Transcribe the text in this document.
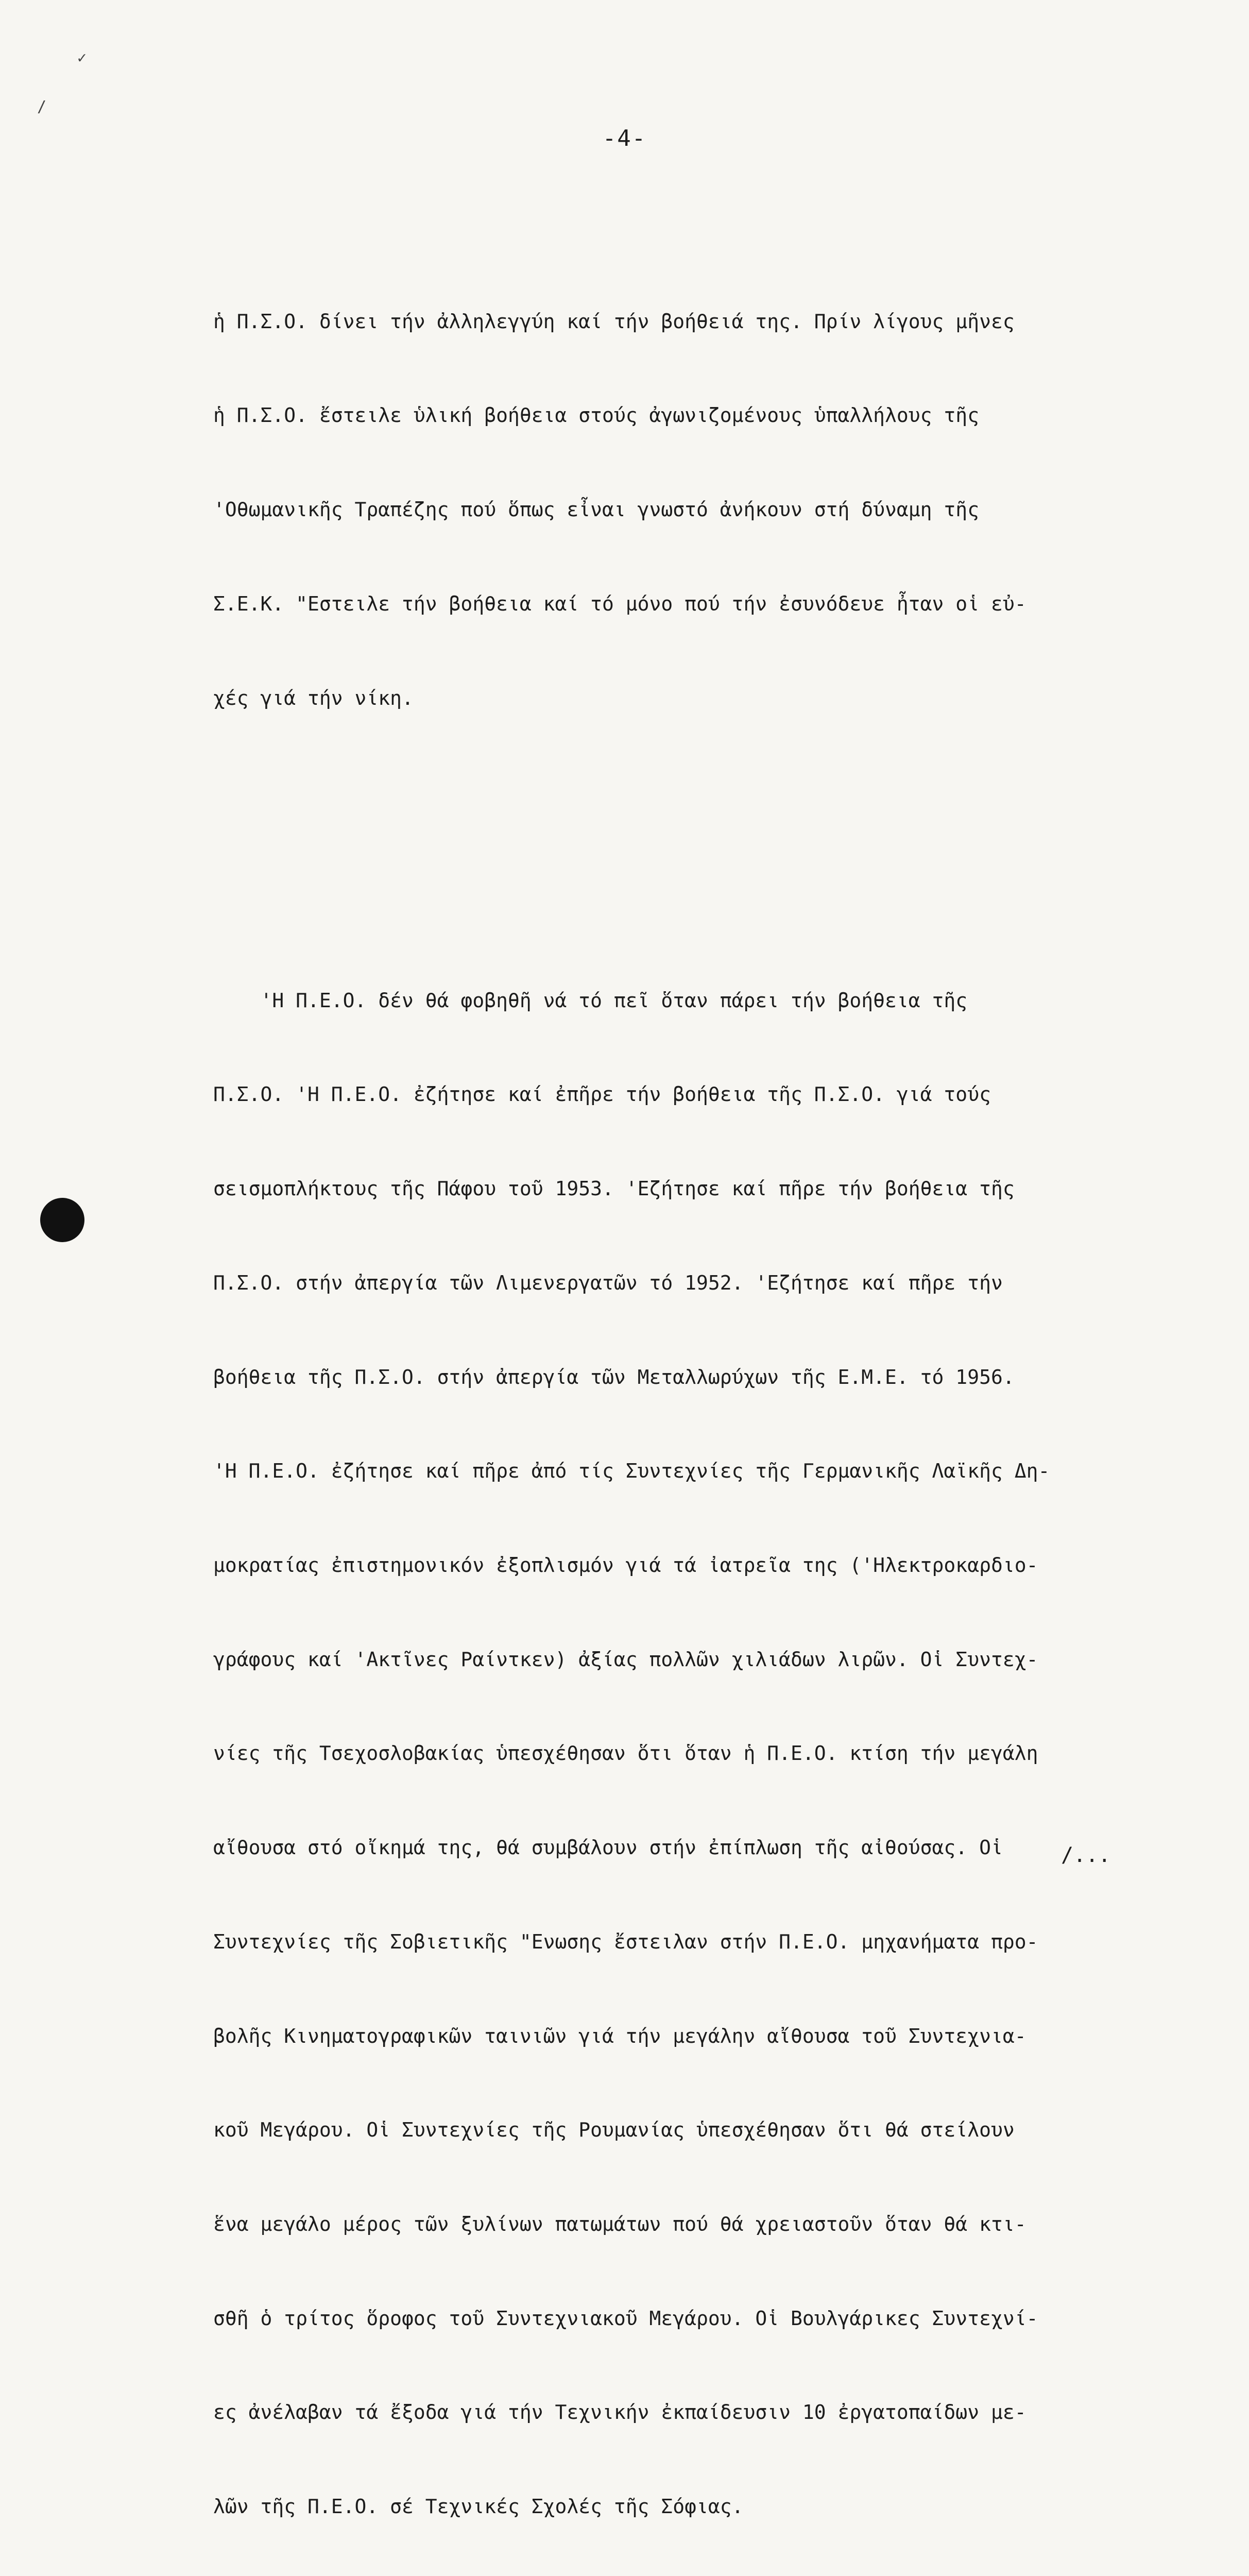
✓
/
-4-

ἡ Π.Σ.Ο. δίνει τήν ἀλληλεγγύη καί τήν βοήθειά της. Πρίν λίγους μῆνες

ἡ Π.Σ.Ο. ἔστειλε ὑλική βοήθεια στούς ἀγωνιζομένους ὑπαλλήλους τῆς

'Οθωμανικῆς Τραπέζης πού ὅπως εἶναι γνωστό ἀνήκουν στή δύναμη τῆς

Σ.Ε.Κ. "Εστειλε τήν βοήθεια καί τό μόνο πού τήν ἐσυνόδευε ἦταν οἱ εὐ-

χές γιά τήν νίκη.

'Η Π.Ε.Ο. δέν θά φοβηθῆ νά τό πεῖ ὅταν πάρει τήν βοήθεια τῆς

Π.Σ.Ο. 'Η Π.Ε.Ο. ἐζήτησε καί ἐπῆρε τήν βοήθεια τῆς Π.Σ.Ο. γιά τούς

σεισμοπλήκτους τῆς Πάφου τοῦ 1953. 'Εζήτησε καί πῆρε τήν βοήθεια τῆς

Π.Σ.Ο. στήν ἀπεργία τῶν Λιμενεργατῶν τό 1952. 'Εζήτησε καί πῆρε τήν

βοήθεια τῆς Π.Σ.Ο. στήν ἀπεργία τῶν Μεταλλωρύχων τῆς Ε.Μ.Ε. τό 1956.

'Η Π.Ε.Ο. ἐζήτησε καί πῆρε ἀπό τίς Συντεχνίες τῆς Γερμανικῆς Λαϊκῆς Δη-

μοκρατίας ἐπιστημονικόν ἐξοπλισμόν γιά τά ἰατρεῖα της ('Ηλεκτροκαρδιο-

γράφους καί 'Ακτῖνες Ραίντκεν) ἀξίας πολλῶν χιλιάδων λιρῶν. Οἱ Συντεχ-

νίες τῆς Τσεχοσλοβακίας ὑπεσχέθησαν ὅτι ὅταν ἡ Π.Ε.Ο. κτίση τήν μεγάλη

αἴθουσα στό οἴκημά της, θά συμβάλουν στήν ἐπίπλωση τῆς αἰθούσας. Οἱ

Συντεχνίες τῆς Σοβιετικῆς "Ενωσης ἔστειλαν στήν Π.Ε.Ο. μηχανήματα προ-

βολῆς Κινηματογραφικῶν ταινιῶν γιά τήν μεγάλην αἴθουσα τοῦ Συντεχνια-

κοῦ Μεγάρου. Οἱ Συντεχνίες τῆς Ρουμανίας ὑπεσχέθησαν ὅτι θά στείλουν

ἕνα μεγάλο μέρος τῶν ξυλίνων πατωμάτων πού θά χρειαστοῦν ὅταν θά κτι-

σθῆ ὁ τρίτος ὅροφος τοῦ Συντεχνιακοῦ Μεγάρου. Οἱ Βουλγάρικες Συντεχνί-

ες ἀνέλαβαν τά ἔξοδα γιά τήν Τεχνικήν ἐκπαίδευσιν 10 ἐργατοπαίδων με-

λῶν τῆς Π.Ε.Ο. σέ Τεχνικές Σχολές τῆς Σόφιας.

/...
